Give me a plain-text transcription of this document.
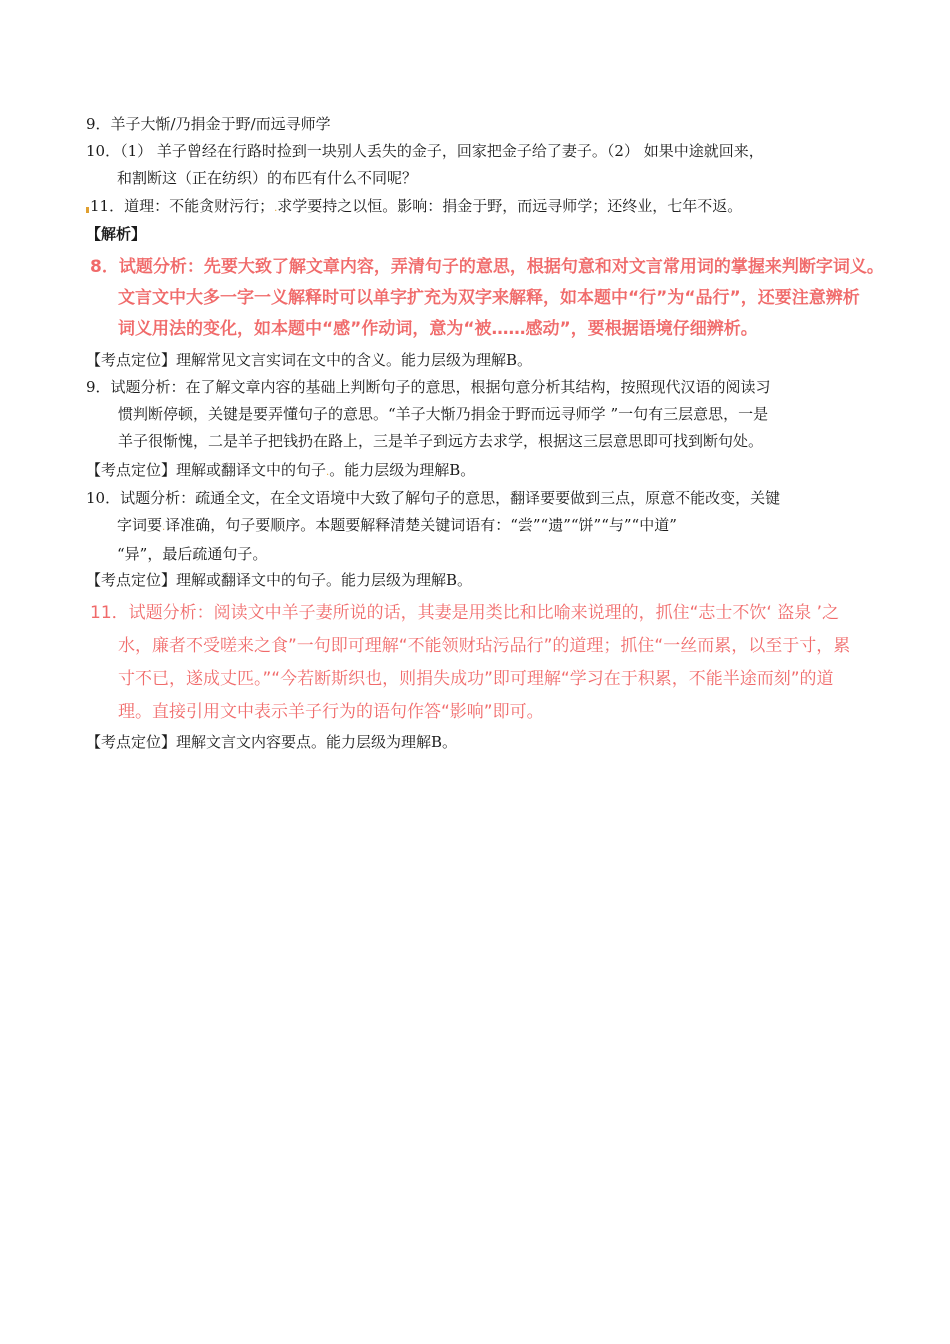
9．羊子大惭/乃捐金于野/而远寻师学
10．（1） 羊子曾经在行路时捡到一块别人丢失的金子，回家把金子给了妻子。（2） 如果中途就回来，
和割断这（正在纺织）的布匹有什么不同呢？
11．道理：不能贪财污行；.求学要持之以恒。影响：捐金于野，而远寻师学；还终业，七年不返。
【解析】
8．试题分析：先要大致了解文章内容，弄清句子的意思，根据句意和对文言常用词的掌握来判断字词义。
文言文中大多一字一义解释时可以单字扩充为双字来解释，如本题中“行”为“品行”，还要注意辨析
词义用法的变化，如本题中“感”作动词，意为“被……感动”，要根据语境仔细辨析。
【考点定位】理解常见文言实词在文中的含义。能力层级为理解B。
9．试题分析：在了解文章内容的基础上判断句子的意思，根据句意分析其结构，按照现代汉语的阅读习
惯判断停顿，关键是要弄懂句子的意思。“羊子大惭乃捐金于野而远寻师学 ”一句有三层意思，一是
羊子很惭愧，二是羊子把钱扔在路上，三是羊子到远方去求学，根据这三层意思即可找到断句处。
【考点定位】理解或翻译文中的句子.。能力层级为理解B。
10．试题分析：疏通全文，在全文语境中大致了解句子的意思，翻译要要做到三点，原意不能改变，关键
字词要.译准确，句子要顺序。本题要解释清楚关键词语有：“尝”“遗”“饼”“与”“中道”
“异”，最后疏通句子。
【考点定位】理解或翻译文中的句子。能力层级为理解B。
11．试题分析：阅读文中羊子妻所说的话，其妻是用类比和比喻来说理的，抓住“志士不饮‘ 盗泉 ’之
水，廉者不受嗟来之食”一句即可理解“不能领财玷污品行”的道理；抓住“一丝而累，以至于寸，累
寸不已，遂成丈匹。”“今若断斯织也，则捐失成功”即可理解“学习在于积累，不能半途而刻”的道
理。直接引用文中表示羊子行为的语句作答“影响”即可。
【考点定位】理解文言文内容要点。能力层级为理解B。
